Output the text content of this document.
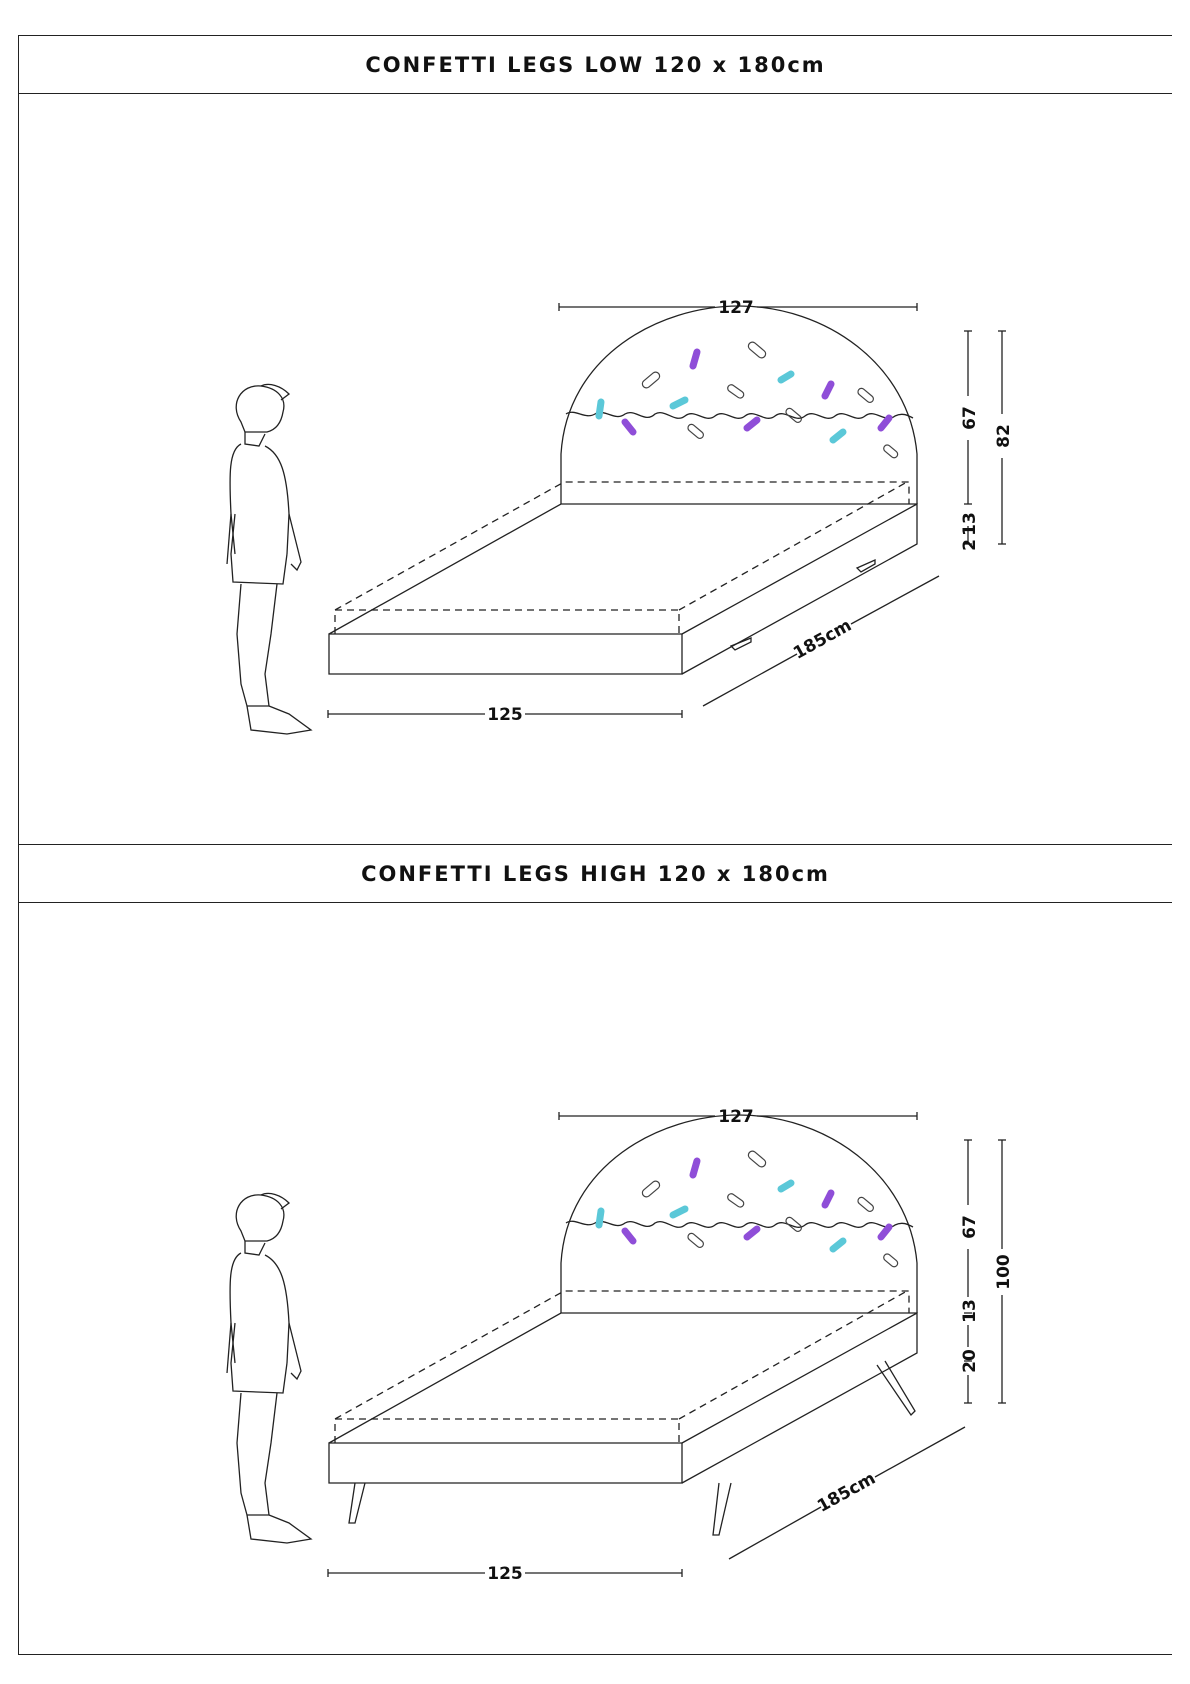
CONFETTI LEGS LOW 120 x 180cm
127
67
82
13
2
125
185cm
CONFETTI LEGS HIGH 120 x 180cm
127
67
100
13
20
125
185cm
